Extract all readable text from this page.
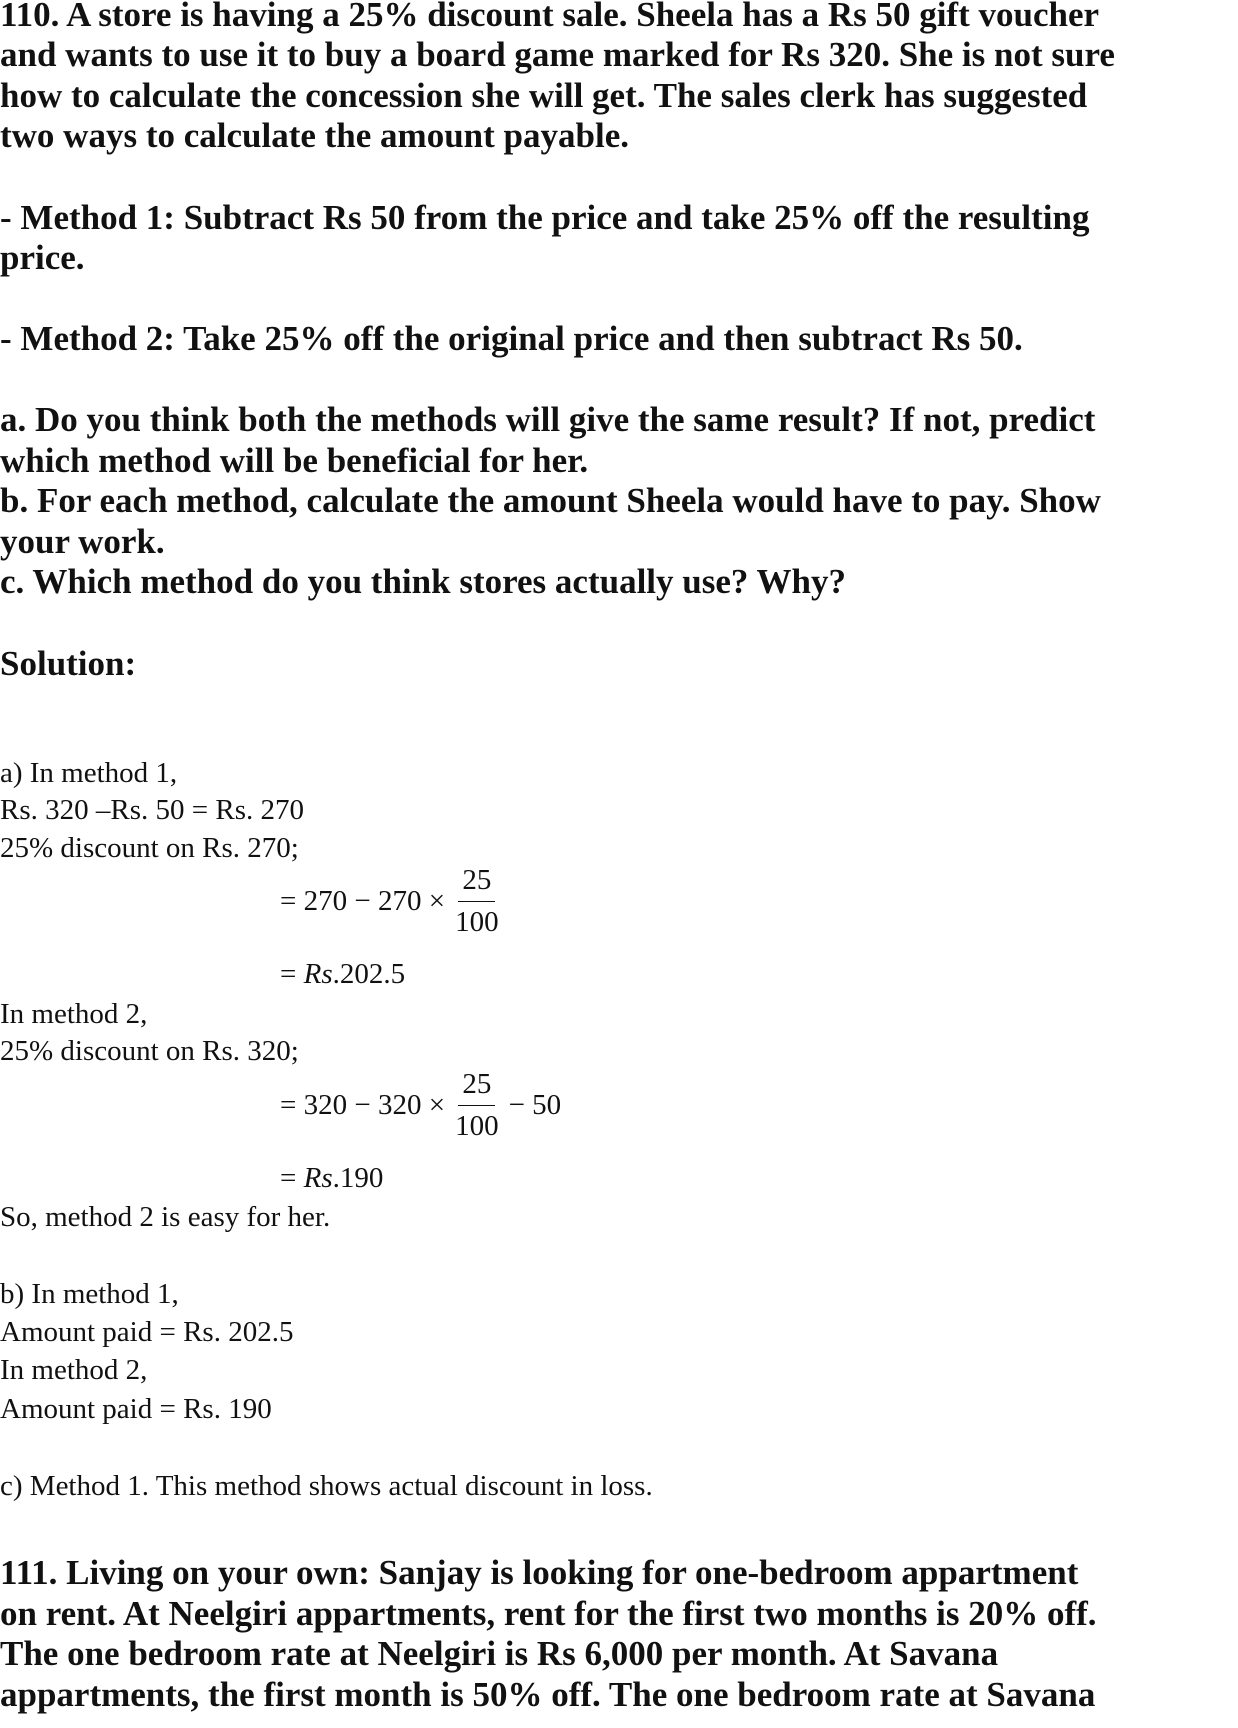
110. A store is having a 25% discount sale. Sheela has a Rs 50 gift voucher
and wants to use it to buy a board game marked for Rs 320. She is not sure
how to calculate the concession she will get. The sales clerk has suggested
two ways to calculate the amount payable.
- Method 1: Subtract Rs 50 from the price and take 25% off the resulting
price.
- Method 2: Take 25% off the original price and then subtract Rs 50.
a. Do you think both the methods will give the same result? If not, predict
which method will be beneficial for her.
b. For each method, calculate the amount Sheela would have to pay. Show
your work.
c. Which method do you think stores actually use? Why?
Solution:
a) In method 1,
Rs. 320 –Rs. 50 = Rs. 270
25% discount on Rs. 270;
= $270 - 270 \times \frac{25}{100}$
= Rs.202.5
In method 2,
25% discount on Rs. 320;
= $320 - 320 \times \frac{25}{100} - 50$
= Rs.190
So, method 2 is easy for her.
b) In method 1,
Amount paid = Rs. 202.5
In method 2,
Amount paid = Rs. 190
c) Method 1. This method shows actual discount in loss.
111. Living on your own: Sanjay is looking for one-bedroom appartment
on rent. At Neelgiri appartments, rent for the first two months is 20% off.
The one bedroom rate at Neelgiri is Rs 6,000 per month. At Savana
appartments, the first month is 50% off. The one bedroom rate at Savana
